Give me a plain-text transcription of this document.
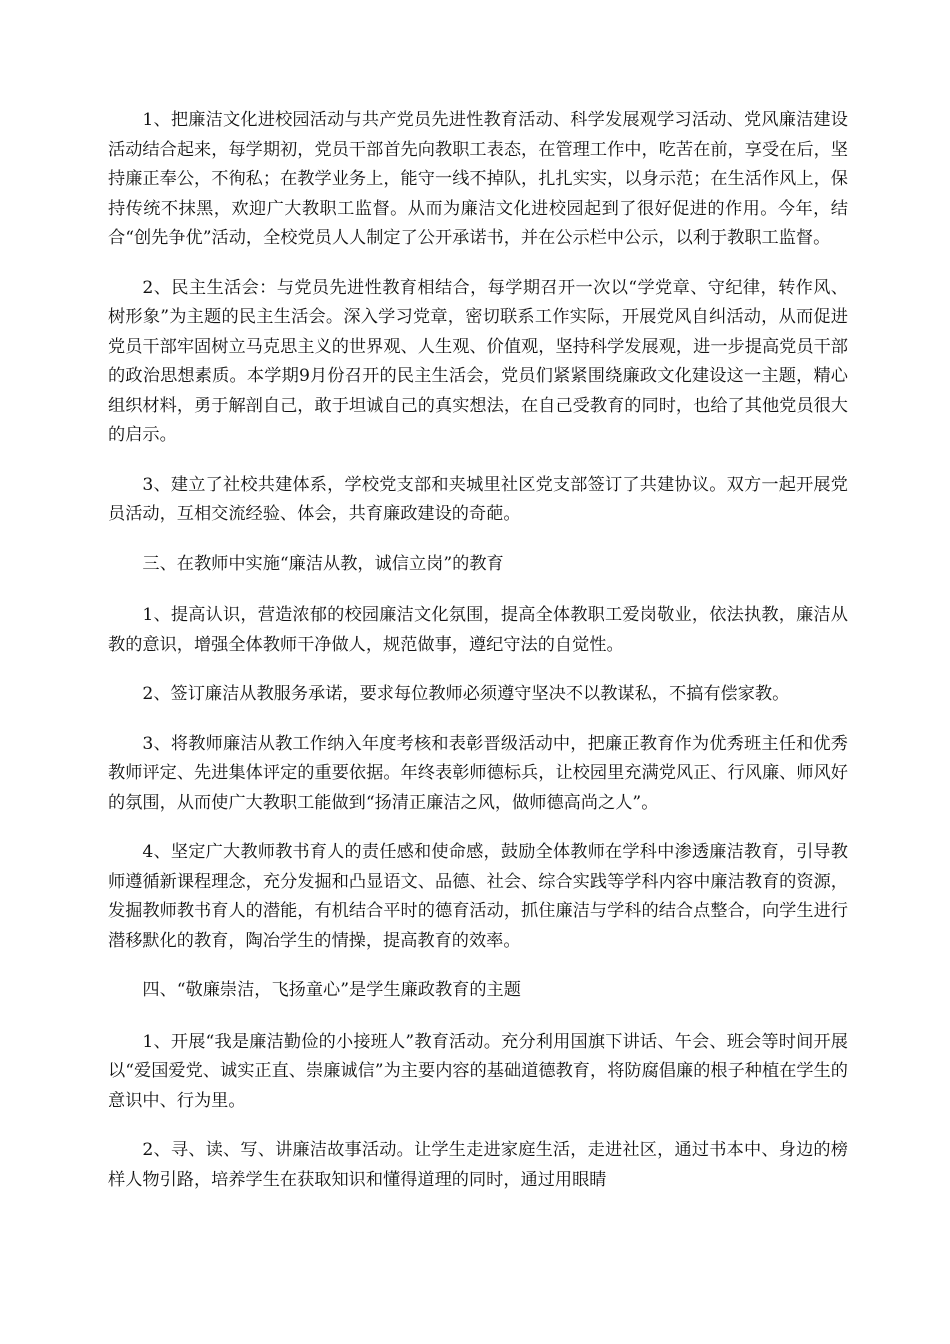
1、把廉洁文化进校园活动与共产党员先进性教育活动、科学发展观学习活动、党风廉洁建设活动结合起来，每学期初，党员干部首先向教职工表态，在管理工作中，吃苦在前，享受在后，坚持廉正奉公，不徇私；在教学业务上，能守一线不掉队，扎扎实实，以身示范；在生活作风上，保持传统不抹黑，欢迎广大教职工监督。从而为廉洁文化进校园起到了很好促进的作用。今年，结合“创先争优”活动，全校党员人人制定了公开承诺书，并在公示栏中公示，以利于教职工监督。

2、民主生活会：与党员先进性教育相结合，每学期召开一次以“学党章、守纪律，转作风、树形象”为主题的民主生活会。深入学习党章，密切联系工作实际，开展党风自纠活动，从而促进党员干部牢固树立马克思主义的世界观、人生观、价值观，坚持科学发展观，进一步提高党员干部的政治思想素质。本学期9月份召开的民主生活会，党员们紧紧围绕廉政文化建设这一主题，精心组织材料，勇于解剖自己，敢于坦诚自己的真实想法，在自己受教育的同时，也给了其他党员很大的启示。

3、建立了社校共建体系，学校党支部和夹城里社区党支部签订了共建协议。双方一起开展党员活动，互相交流经验、体会，共育廉政建设的奇葩。

三、在教师中实施“廉洁从教，诚信立岗”的教育

1、提高认识，营造浓郁的校园廉洁文化氛围，提高全体教职工爱岗敬业，依法执教，廉洁从教的意识，增强全体教师干净做人，规范做事，遵纪守法的自觉性。

2、签订廉洁从教服务承诺，要求每位教师必须遵守坚决不以教谋私，不搞有偿家教。

3、将教师廉洁从教工作纳入年度考核和表彰晋级活动中，把廉正教育作为优秀班主任和优秀教师评定、先进集体评定的重要依据。年终表彰师德标兵，让校园里充满党风正、行风廉、师风好的氛围，从而使广大教职工能做到“扬清正廉洁之风，做师德高尚之人”。

4、坚定广大教师教书育人的责任感和使命感，鼓励全体教师在学科中渗透廉洁教育，引导教师遵循新课程理念，充分发掘和凸显语文、品德、社会、综合实践等学科内容中廉洁教育的资源，发掘教师教书育人的潜能，有机结合平时的德育活动，抓住廉洁与学科的结合点整合，向学生进行潜移默化的教育，陶冶学生的情操，提高教育的效率。

四、“敬廉崇洁，飞扬童心”是学生廉政教育的主题

1、开展“我是廉洁勤俭的小接班人”教育活动。充分利用国旗下讲话、午会、班会等时间开展以“爱国爱党、诚实正直、崇廉诚信”为主要内容的基础道德教育，将防腐倡廉的根子种植在学生的意识中、行为里。

2、寻、读、写、讲廉洁故事活动。让学生走进家庭生活，走进社区，通过书本中、身边的榜样人物引路，培养学生在获取知识和懂得道理的同时，通过用眼睛
